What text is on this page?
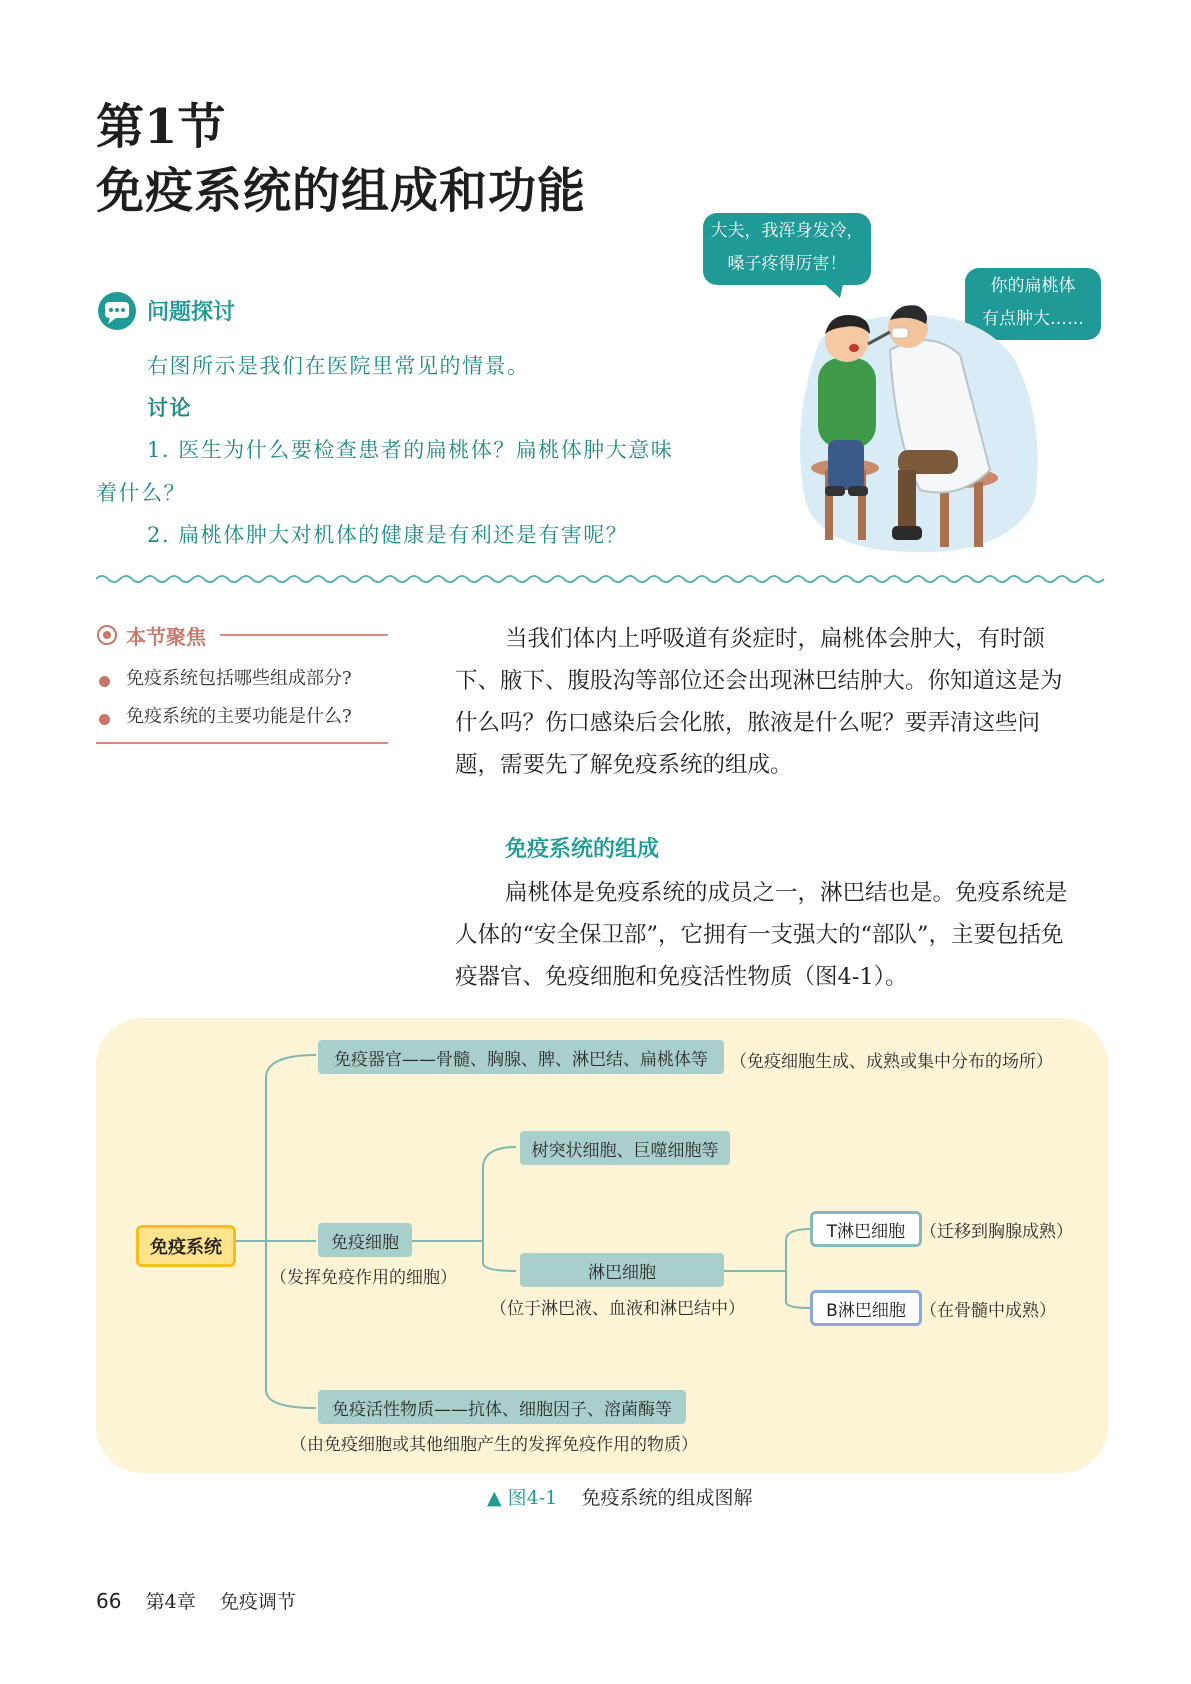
第1节
免疫系统的组成和功能
问题探讨
右图所示是我们在医院里常见的情景。
讨论
1. 医生为什么要检查患者的扁桃体？扁桃体肿大意味
着什么？
2. 扁桃体肿大对机体的健康是有利还是有害呢？
大夫，我浑身发冷，
嗓子疼得厉害！
你的扁桃体
有点肿大……
本节聚焦
免疫系统包括哪些组成部分?
免疫系统的主要功能是什么?
当我们体内上呼吸道有炎症时，扁桃体会肿大，有时颌下、腋下、腹股沟等部位还会出现淋巴结肿大。你知道这是为什么吗？伤口感染后会化脓，脓液是什么呢？要弄清这些问题，需要先了解免疫系统的组成。
免疫系统的组成
扁桃体是免疫系统的成员之一，淋巴结也是。免疫系统是人体的“安全保卫部”，它拥有一支强大的“部队”，主要包括免疫器官、免疫细胞和免疫活性物质（图4-1）。
免疫系统
免疫器官——骨髓、胸腺、脾、淋巴结、扁桃体等	（免疫细胞生成、成熟或集中分布的场所）
免疫细胞
（发挥免疫作用的细胞）
树突状细胞、巨噬细胞等
淋巴细胞
（位于淋巴液、血液和淋巴结中）
T淋巴细胞 （迁移到胸腺成熟）
B淋巴细胞 （在骨髓中成熟）
免疫活性物质——抗体、细胞因子、溶菌酶等
（由免疫细胞或其他细胞产生的发挥免疫作用的物质）
▲ 图4-1 免疫系统的组成图解
66 第4章 免疫调节
